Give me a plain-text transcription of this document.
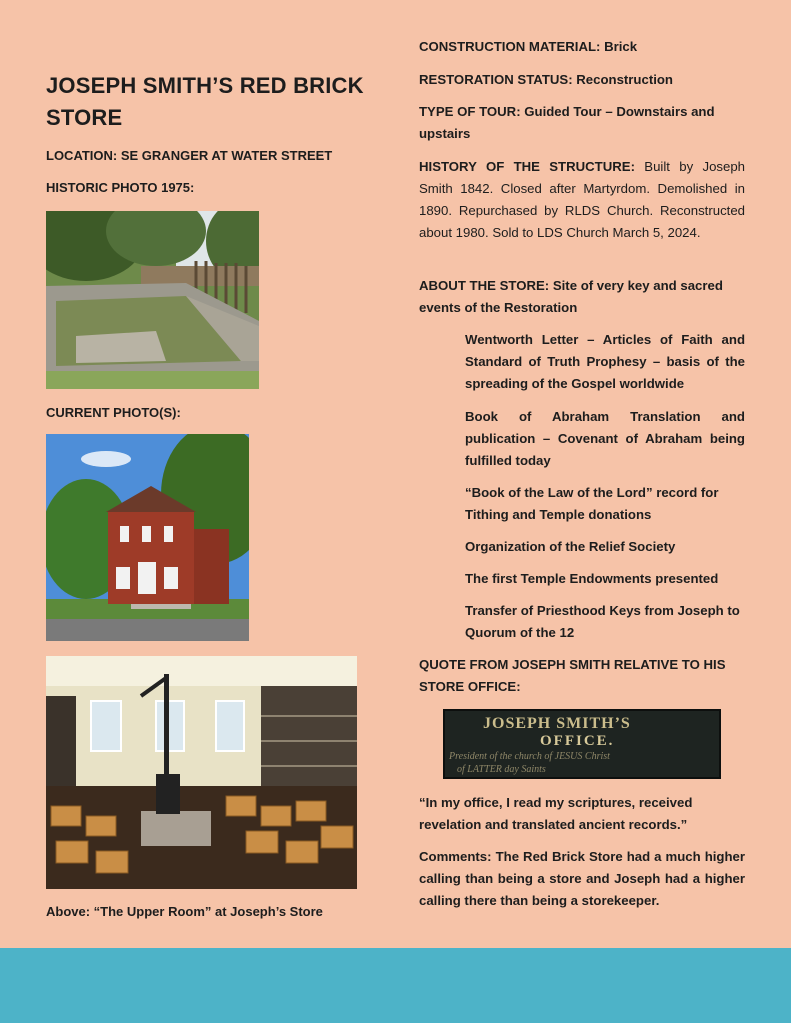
JOSEPH SMITH’S RED BRICK
STORE
LOCATION: SE GRANGER AT WATER STREET
HISTORIC PHOTO 1975:
CURRENT PHOTO(S):
Above: “The Upper Room” at Joseph’s Store
CONSTRUCTION MATERIAL: Brick
RESTORATION STATUS: Reconstruction
TYPE OF TOUR: Guided Tour – Downstairs and
upstairs
HISTORY OF THE STRUCTURE: Built by Joseph Smith 1842. Closed after Martyrdom. Demolished in 1890. Repurchased by RLDS Church. Reconstructed about 1980. Sold to LDS Church March 5, 2024.
ABOUT THE STORE: Site of very key and sacred events of the Restoration
Wentworth Letter – Articles of Faith and Standard of Truth Prophesy – basis of the spreading of the Gospel worldwide
Book of Abraham Translation and publication – Covenant of Abraham being fulfilled today
“Book of the Law of the Lord” record for Tithing and Temple donations
Organization of the Relief Society
The first Temple Endowments presented
Transfer of Priesthood Keys from Joseph to Quorum of the 12
QUOTE FROM JOSEPH SMITH RELATIVE TO HIS STORE OFFICE:
JOSEPH SMITH’S
OFFICE.
President of the church of JESUS Christ
of LATTER day Saints
“In my office, I read my scriptures, received revelation and translated ancient records.”
Comments: The Red Brick Store had a much higher calling than being a store and Joseph had a higher calling there than being a storekeeper.
